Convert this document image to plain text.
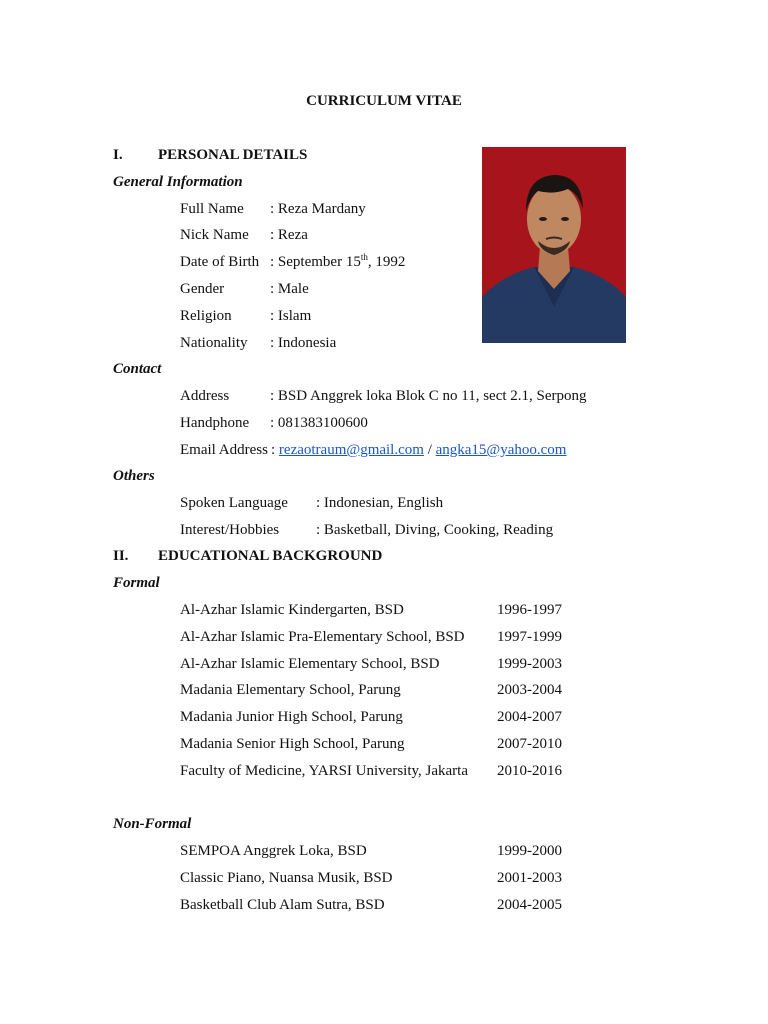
CURRICULUM VITAE
I. PERSONAL DETAILS
General Information
Full Name : Reza Mardany
Nick Name : Reza
Date of Birth : September 15th, 1992
Gender	: Male
Religion	: Islam
Nationality : Indonesia
Contact
Address	: BSD Anggrek loka Blok C no 11, sect 2.1, Serpong
Handphone : 081383100600
Email Address : rezaotraum@gmail.com / angka15@yahoo.com
Others
Spoken Language : Indonesian, English
Interest/Hobbies : Basketball, Diving, Cooking, Reading
II. EDUCATIONAL BACKGROUND
Formal
Al-Azhar Islamic Kindergarten, BSD	1996-1997
Al-Azhar Islamic Pra-Elementary School, BSD 1997-1999
Al-Azhar Islamic Elementary School, BSD	1999-2003
Madania Elementary School, Parung	2003-2004
Madania Junior High School, Parung	2004-2007
Madania Senior High School, Parung	2007-2010
Faculty of Medicine, YARSI University, Jakarta 2010-2016
Non-Formal
SEMPOA Anggrek Loka, BSD	1999-2000
Classic Piano, Nuansa Musik, BSD	2001-2003
Basketball Club Alam Sutra, BSD	2004-2005
